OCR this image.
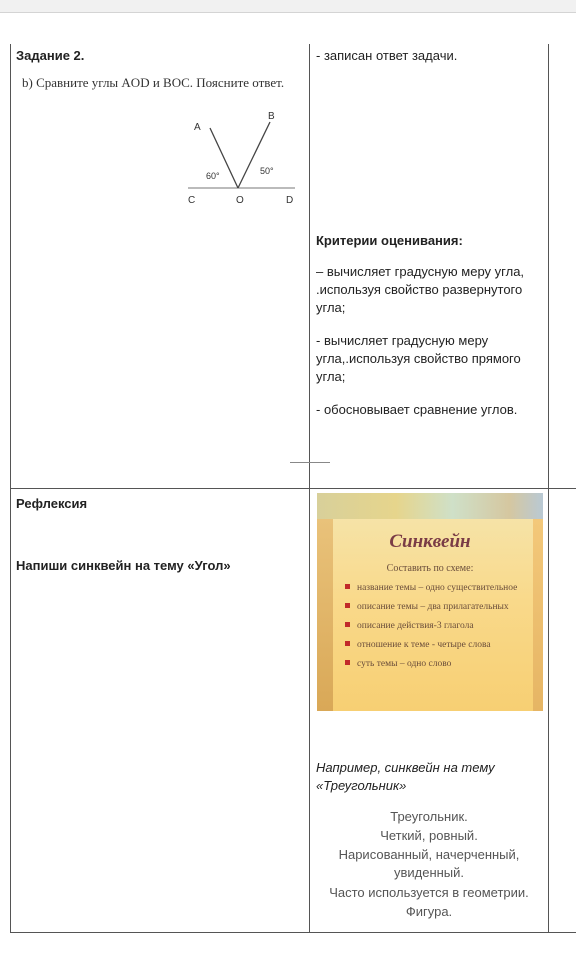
Задание 2.
b) Сравните углы AOD и BOC. Поясните ответ.
A
B
C	O	D
60°	50°
- записан ответ задачи.
Критерии оценивания:
– вычисляет градусную меру угла, .используя свойство развернутого угла;
- вычисляет градусную меру угла,.используя свойство прямого угла;
- обосновывает сравнение углов.
Рефлексия
Напиши синквейн на тему «Угол»
Синквейн
Составить по схеме:
название темы – одно существительное
описание темы – два прилагательных
описание действия-3 глагола
отношение к теме - четыре слова
суть темы – одно слово
Например, синквейн на тему «Треугольник»
Треугольник.
Четкий, ровный.
Нарисованный, начерченный, увиденный.
Часто используется в геометрии.
Фигура.
